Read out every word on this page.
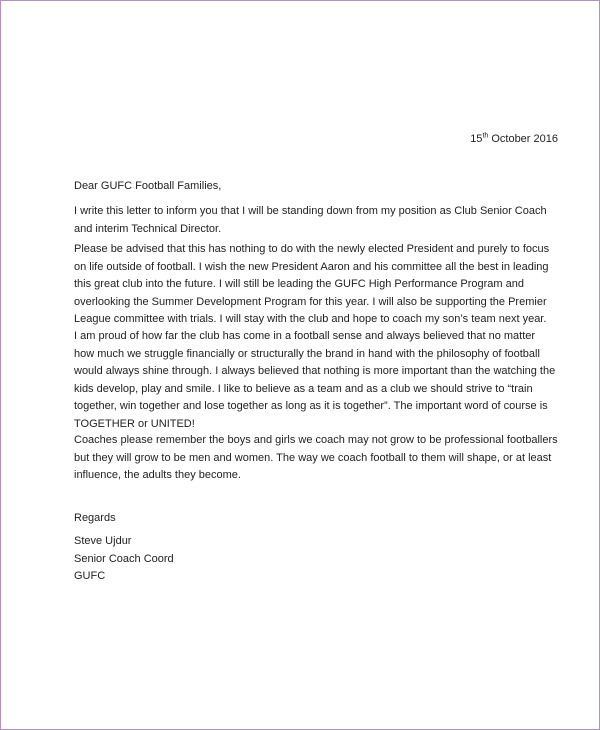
15th October 2016
Dear GUFC Football Families,

I write this letter to inform you that I will be standing down from my position as Club Senior Coach and interim Technical Director.

Please be advised that this has nothing to do with the newly elected President and purely to focus on life outside of football. I wish the new President Aaron and his committee all the best in leading this great club into the future. I will still be leading the GUFC High Performance Program and overlooking the Summer Development Program for this year. I will also be supporting the Premier League committee with trials. I will stay with the club and hope to coach my son’s team next year.

I am proud of how far the club has come in a football sense and always believed that no matter how much we struggle financially or structurally the brand in hand with the philosophy of football would always shine through. I always believed that nothing is more important than the watching the kids develop, play and smile. I like to believe as a team and as a club we should strive to “train together, win together and lose together as long as it is together”. The important word of course is TOGETHER or UNITED!

Coaches please remember the boys and girls we coach may not grow to be professional footballers but they will grow to be men and women. The way we coach football to them will shape, or at least influence, the adults they become.

Regards
Steve Ujdur
Senior Coach Coord
GUFC
